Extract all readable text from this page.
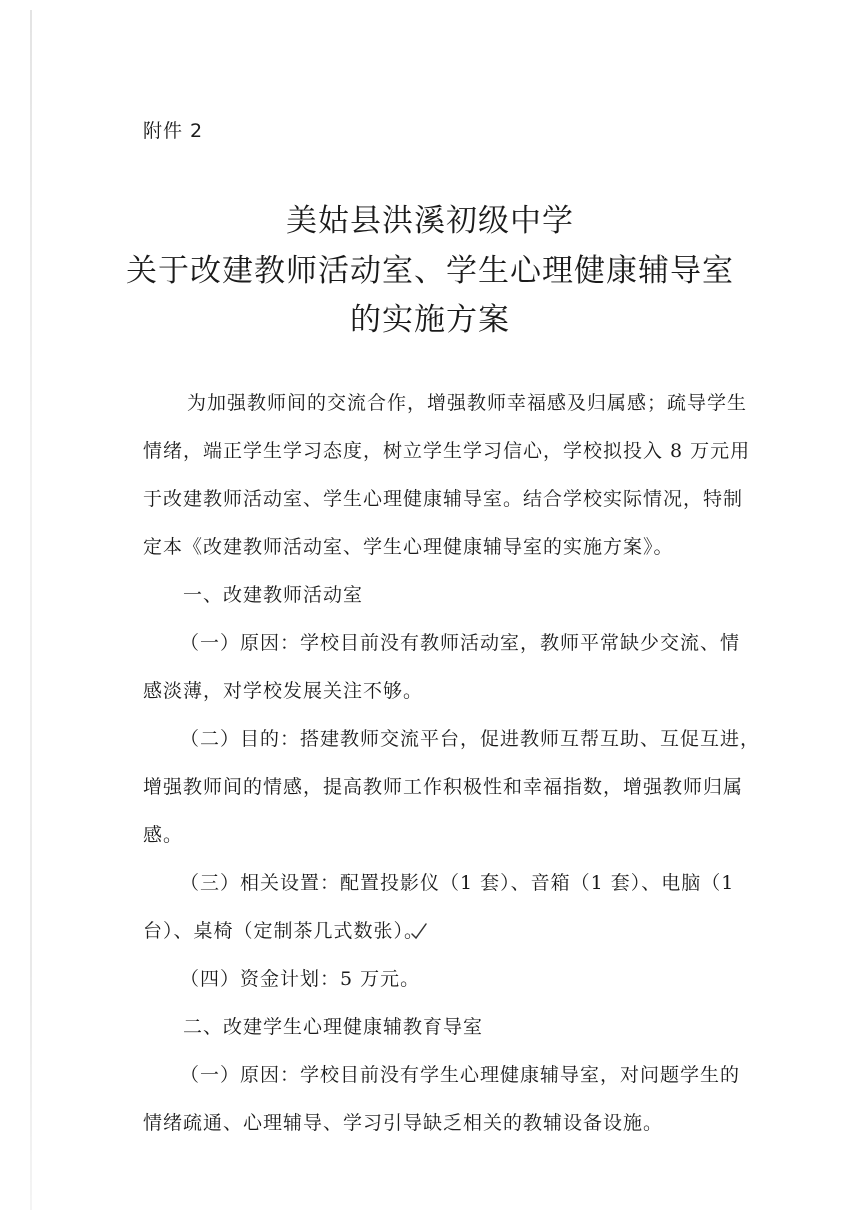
附件 2
美姑县洪溪初级中学
关于改建教师活动室、学生心理健康辅导室
的实施方案
为加强教师间的交流合作，增强教师幸福感及归属感；疏导学生
情绪，端正学生学习态度，树立学生学习信心，学校拟投入 8 万元用
于改建教师活动室、学生心理健康辅导室。结合学校实际情况，特制
定本《改建教师活动室、学生心理健康辅导室的实施方案》。
一、改建教师活动室
（一）原因：学校目前没有教师活动室，教师平常缺少交流、情
感淡薄，对学校发展关注不够。
（二）目的：搭建教师交流平台，促进教师互帮互助、互促互进，
增强教师间的情感，提高教师工作积极性和幸福指数，增强教师归属
感。
（三）相关设置：配置投影仪（1 套）、音箱（1 套）、电脑（1
台）、桌椅（定制茶几式数张）。
（四）资金计划：5 万元。
二、改建学生心理健康辅教育导室
（一）原因：学校目前没有学生心理健康辅导室，对问题学生的
情绪疏通、心理辅导、学习引导缺乏相关的教辅设备设施。
